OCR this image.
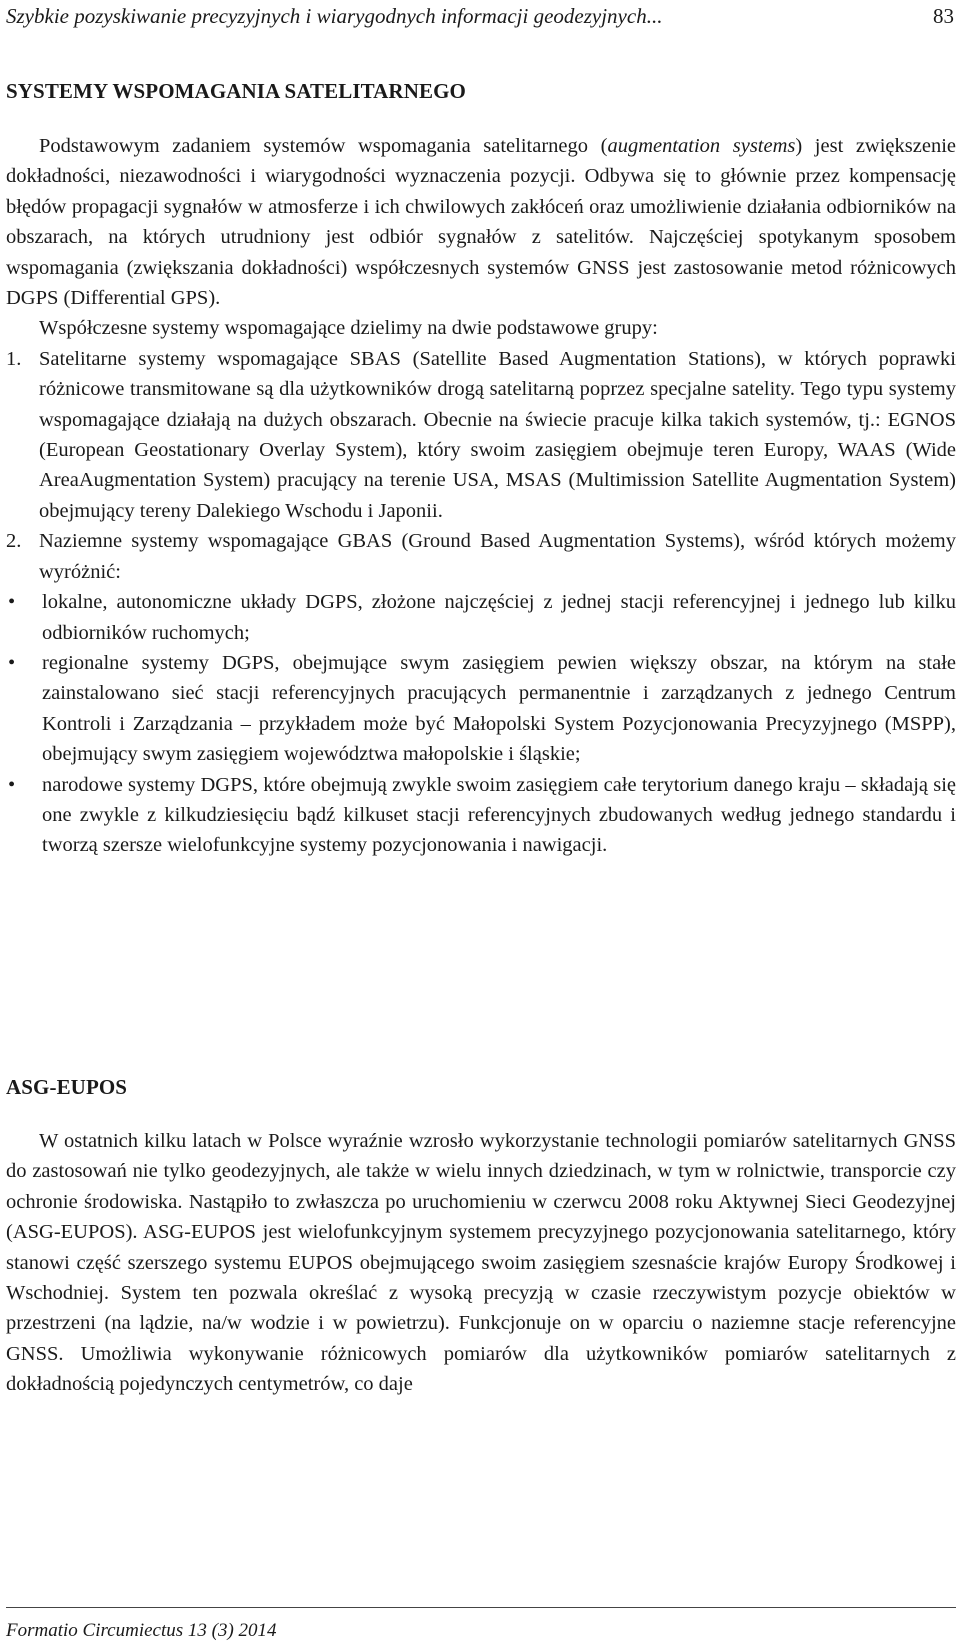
Szybkie pozyskiwanie precyzyjnych i wiarygodnych informacji geodezyjnych...	83
SYSTEMY WSPOMAGANIA SATELITARNEGO

Podstawowym zadaniem systemów wspomagania satelitarnego (augmentation systems) jest zwiększenie dokładności, niezawodności i wiarygodności wyznaczenia pozycji. Odbywa się to głównie przez kompensację błędów propagacji sygnałów w atmosferze i ich chwilowych zakłóceń oraz umożliwienie działania odbiorników na obszarach, na których utrudniony jest odbiór sygnałów z satelitów. Najczęściej spotykanym sposobem wspomagania (zwiększania dokładności) współczesnych systemów GNSS jest zastosowanie metod różnicowych DGPS (Differential GPS).

Współczesne systemy wspomagające dzielimy na dwie podstawowe grupy:

1. Satelitarne systemy wspomagające SBAS (Satellite Based Augmentation Stations), w których poprawki różnicowe transmitowane są dla użytkowników drogą satelitarną poprzez specjalne satelity. Tego typu systemy wspomagające działają na dużych obszarach. Obecnie na świecie pracuje kilka takich systemów, tj.: EGNOS (European Geostationary Overlay System), który swoim zasięgiem obejmuje teren Europy, WAAS (Wide AreaAugmentation System) pracujący na terenie USA, MSAS (Multimission Satellite Augmentation System) obejmujący tereny Dalekiego Wschodu i Japonii.
2. Naziemne systemy wspomagające GBAS (Ground Based Augmentation Systems), wśród których możemy wyróżnić:
• lokalne, autonomiczne układy DGPS, złożone najczęściej z jednej stacji referencyjnej i jednego lub kilku odbiorników ruchomych;
• regionalne systemy DGPS, obejmujące swym zasięgiem pewien większy obszar, na którym na stałe zainstalowano sieć stacji referencyjnych pracujących permanentnie i zarządzanych z jednego Centrum Kontroli i Zarządzania – przykładem może być Małopolski System Pozycjonowania Precyzyjnego (MSPP), obejmujący swym zasięgiem województwa małopolskie i śląskie;
• narodowe systemy DGPS, które obejmują zwykle swoim zasięgiem całe terytorium danego kraju – składają się one zwykle z kilkudziesięciu bądź kilkuset stacji referencyjnych zbudowanych według jednego standardu i tworzą szersze wielofunkcyjne systemy pozycjonowania i nawigacji.
ASG-EUPOS

W ostatnich kilku latach w Polsce wyraźnie wzrosło wykorzystanie technologii pomiarów satelitarnych GNSS do zastosowań nie tylko geodezyjnych, ale także w wielu innych dziedzinach, w tym w rolnictwie, transporcie czy ochronie środowiska. Nastąpiło to zwłaszcza po uruchomieniu w czerwcu 2008 roku Aktywnej Sieci Geodezyjnej (ASG-EUPOS). ASG-EUPOS jest wielofunkcyjnym systemem precyzyjnego pozycjonowania satelitarnego, który stanowi część szerszego systemu EUPOS obejmującego swoim zasięgiem szesnaście krajów Europy Środkowej i Wschodniej. System ten pozwala określać z wysoką precyzją w czasie rzeczywistym pozycje obiektów w przestrzeni (na lądzie, na/w wodzie i w powietrzu). Funkcjonuje on w oparciu o naziemne stacje referencyjne GNSS. Umożliwia wykonywanie różnicowych pomiarów dla użytkowników pomiarów satelitarnych z dokładnością pojedynczych centymetrów, co daje

Formatio Circumiectus 13 (3) 2014
